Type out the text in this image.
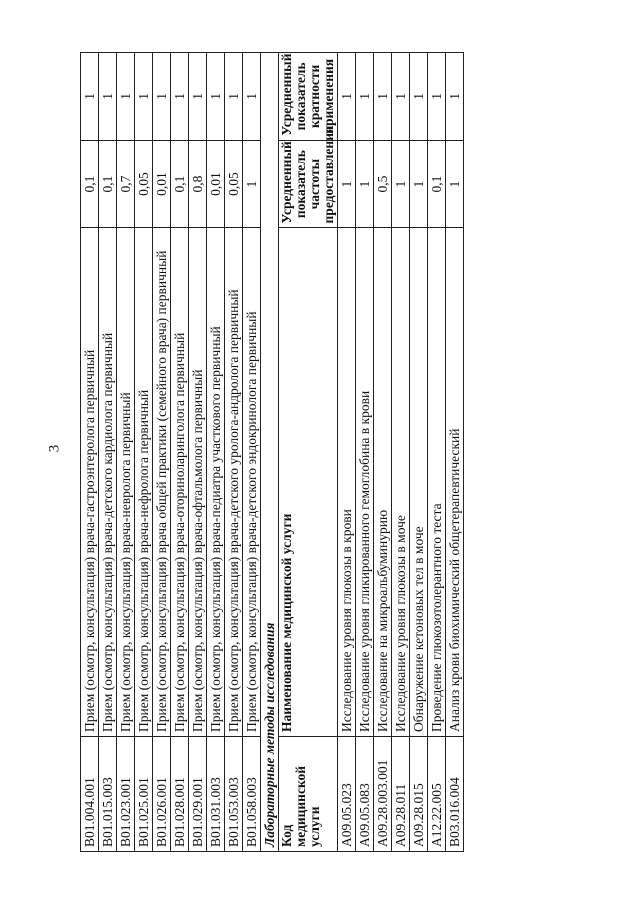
3
B01.004.001	Прием (осмотр, консультация) врача-гастроэнтеролога первичный	0,1	1
B01.015.003	Прием (осмотр, консультация) врача-детского кардиолога первичный	0,1	1
B01.023.001	Прием (осмотр, консультация) врача-невролога первичный	0,7	1
B01.025.001	Прием (осмотр, консультация) врача-нефролога первичный	0,05	1
B01.026.001	Прием (осмотр, консультация) врача общей практики (семейного врача) первичный	0,01	1
B01.028.001	Прием (осмотр, консультация) врача-оториноларинголога первичный	0,1	1
B01.029.001	Прием (осмотр, консультация) врача-офтальмолога первичный	0,8	1
B01.031.003	Прием (осмотр, консультация) врача-педиатра участкового первичный	0,01	1
B01.053.003	Прием (осмотр, консультация) врача-детского уролога-андролога первичный	0,05	1
B01.058.003	Прием (осмотр, консультация) врача-детского эндокринолога первичный	1	1
Лабораторные методы исследования			
Код медицинской услуги	Наименование медицинской услуги	Усредненный показатель частоты предоставления	Усредненный показатель кратности применения
A09.05.023	Исследование уровня глюкозы в крови	1	1
A09.05.083	Исследование уровня гликированного гемоглобина в крови	1	1
A09.28.003.001	Исследование на микроальбуминурию	0,5	1
A09.28.011	Исследование уровня глюкозы в моче	1	1
A09.28.015	Обнаружение кетоновых тел в моче	1	1
A12.22.005	Проведение глюкозотолерантного теста	0,1	1
B03.016.004	Анализ крови биохимический общетерапевтический	1	1
